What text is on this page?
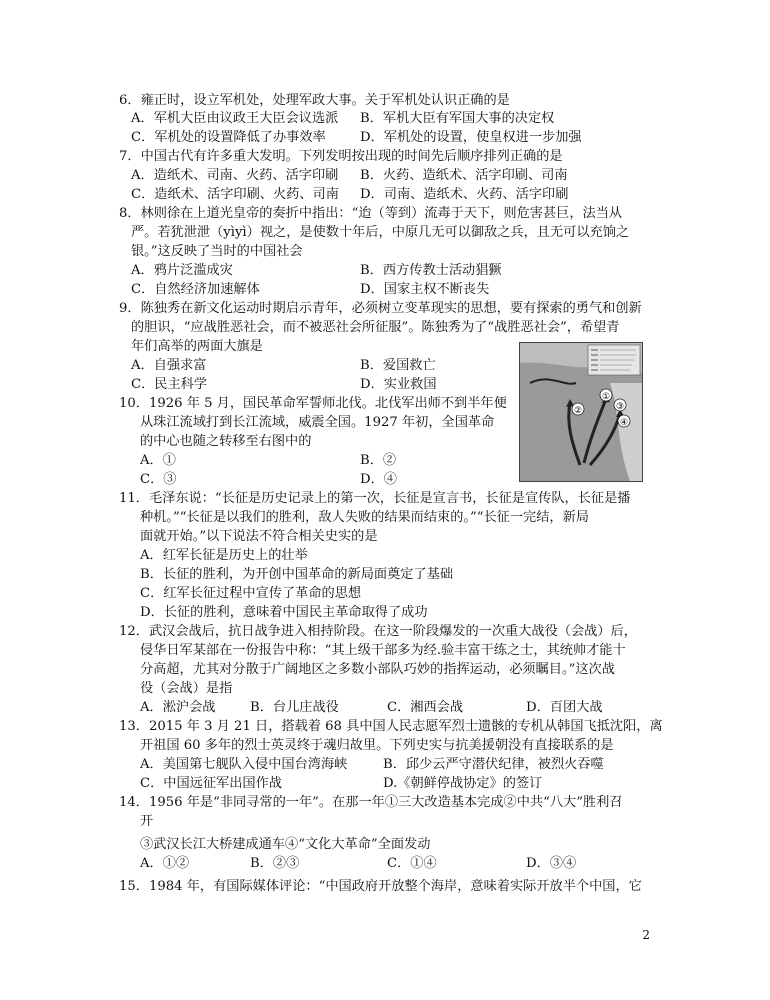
6．雍正时，设立军机处，处理军政大事。关于军机处认识正确的是
A．军机大臣由议政王大臣会议选派 B．军机大臣有军国大事的决定权
C．军机处的设置降低了办事效率	D．军机处的设置，使皇权进一步加强
7．中国古代有许多重大发明。下列发明按出现的时间先后顺序排列正确的是
A．造纸术、司南、火药、活字印刷 B．火药、造纸术、活字印刷、司南
C．造纸术、活字印刷、火药、司南 D．司南、造纸术、火药、活字印刷
8．林则徐在上道光皇帝的奏折中指出：“迨（等到）流毒于天下，则危害甚巨，法当从
严。若犹泄泄（yìyì）视之，是使数十年后，中原几无可以御敌之兵，且无可以充饷之
银。”这反映了当时的中国社会
A．鸦片泛滥成灾	B．西方传教士活动猖獗
C．自然经济加速解体	D．国家主权不断丧失
9．陈独秀在新文化运动时期启示青年，必须树立变革现实的思想，要有探索的勇气和创新
的胆识，“应战胜恶社会，而不被恶社会所征服”。陈独秀为了“战胜恶社会”，希望青
年们高举的两面大旗是
A．自强求富	B．爱国救亡
C．民主科学	D．实业救国
10．1926 年 5 月，国民革命军誓师北伐。北伐军出师不到半年便
从珠江流域打到长江流域，威震全国。1927 年初，全国革命
的中心也随之转移至右图中的
A．①	B．②
C．③	D．④
①
②	③
④
11．毛泽东说：“长征是历史记录上的第一次，长征是宣言书，长征是宣传队，长征是播
种机。”“长征是以我们的胜利，敌人失败的结果而结束的。”“长征一完结，新局
面就开始。”以下说法不符合相关史实的是
A．红军长征是历史上的壮举
B．长征的胜利，为开创中国革命的新局面奠定了基础
C．红军长征过程中宣传了革命的思想
D．长征的胜利，意味着中国民主革命取得了成功
12．武汉会战后，抗日战争进入相持阶段。在这一阶段爆发的一次重大战役（会战）后，
侵华日军某部在一份报告中称：“其上级干部多为经.验丰富干练之士，其统帅才能十
分高超，尤其对分散于广阔地区之多数小部队巧妙的指挥运动，必须瞩目。”这次战
役（会战）是指
A．淞沪会战	B．台儿庄战役	C．湘西会战	D．百团大战
13．2015 年 3 月 21 日，搭载着 68 具中国人民志愿军烈士遗骸的专机从韩国飞抵沈阳，离
开祖国 60 多年的烈士英灵终于魂归故里。下列史实与抗美援朝没有直接联系的是
A．美国第七舰队入侵中国台湾海峡	B．邱少云严守潜伏纪律，被烈火吞噬
C．中国远征军出国作战	D.《朝鲜停战协定》的签订
14．1956 年是“非同寻常的一年”。在那一年①三大改造基本完成②中共“八大”胜利召
开
③武汉长江大桥建成通车④“文化大革命”全面发动
A．①②	B．②③	C．①④	D．③④
15．1984 年，有国际媒体评论：“中国政府开放整个海岸，意味着实际开放半个中国，它
2
